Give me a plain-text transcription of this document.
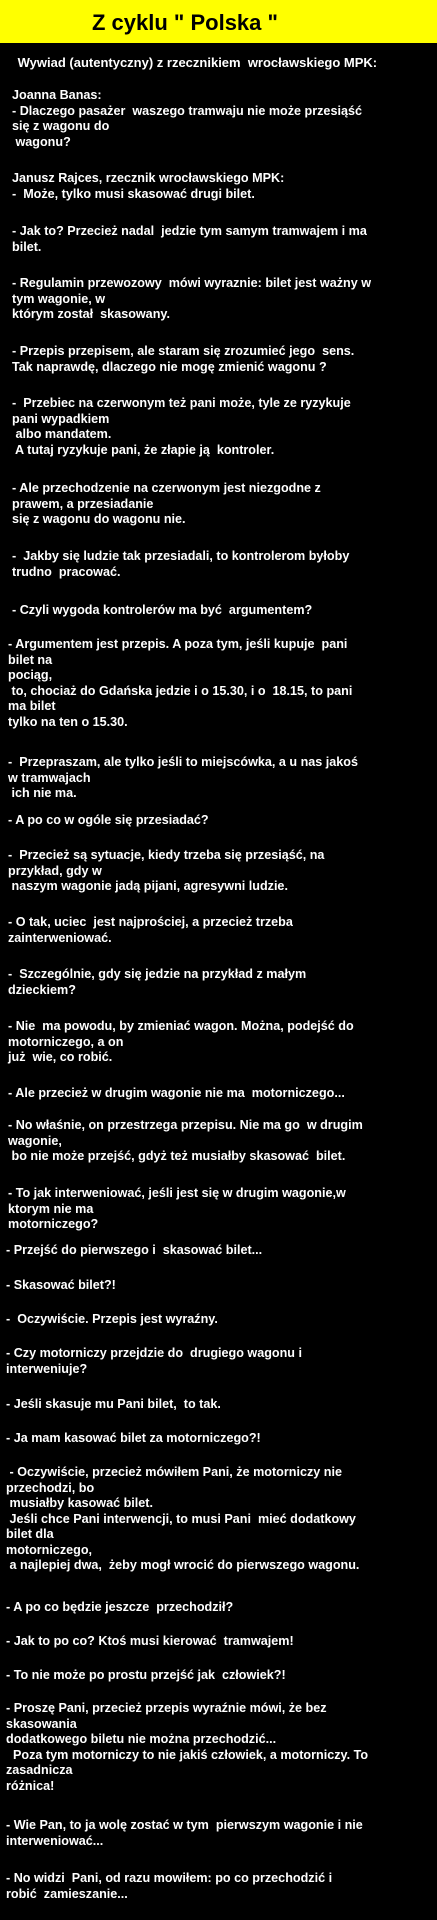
Z cyklu " Polska "
Wywiad (autentyczny) z rzecznikiem  wrocławskiego MPK:
Joanna Banas:
- Dlaczego pasażer  waszego tramwaju nie może przesiąść
się z wagonu do
wagonu?
Janusz Rajces, rzecznik wrocławskiego MPK:
-  Może, tylko musi skasować drugi bilet.
- Jak to? Przecież nadal  jedzie tym samym tramwajem i ma
bilet.
- Regulamin przewozowy  mówi wyraznie: bilet jest ważny w
tym wagonie, w
którym został  skasowany.
- Przepis przepisem, ale staram się zrozumieć jego  sens.
Tak naprawdę, dlaczego nie mogę zmienić wagonu ?
-  Przebiec na czerwonym też pani może, tyle ze ryzykuje
pani wypadkiem
albo mandatem.
A tutaj ryzykuje pani, że złapie ją  kontroler.
- Ale przechodzenie na czerwonym jest niezgodne z
prawem, a przesiadanie
się z wagonu do wagonu nie.
-  Jakby się ludzie tak przesiadali, to kontrolerom byłoby
trudno  pracować.
- Czyli wygoda kontrolerów ma być  argumentem?
- Argumentem jest przepis. A poza tym, jeśli kupuje  pani
bilet na
pociąg,
to, chociaż do Gdańska jedzie i o 15.30, i o  18.15, to pani
ma bilet
tylko na ten o 15.30.
-  Przepraszam, ale tylko jeśli to miejscówka, a u nas jakoś
w tramwajach
ich nie ma.
- A po co w ogóle się przesiadać?
-  Przecież są sytuacje, kiedy trzeba się przesiąść, na
przykład, gdy w
naszym wagonie jadą pijani, agresywni ludzie.
- O tak, uciec  jest najprościej, a przecież trzeba
zainterweniować.
-  Szczególnie, gdy się jedzie na przykład z małym
dzieckiem?
- Nie  ma powodu, by zmieniać wagon. Można, podejść do
motorniczego, a on
już  wie, co robić.
- Ale przecież w drugim wagonie nie ma  motorniczego...
- No właśnie, on przestrzega przepisu. Nie ma go  w drugim
wagonie,
bo nie może przejść, gdyż też musiałby skasować  bilet.
- To jak interweniować, jeśli jest się w drugim wagonie,w
ktorym nie ma
motorniczego?
- Przejść do pierwszego i  skasować bilet...
- Skasować bilet?!
-  Oczywiście. Przepis jest wyraźny.
- Czy motorniczy przejdzie do  drugiego wagonu i
interweniuje?
- Jeśli skasuje mu Pani bilet,  to tak.
- Ja mam kasować bilet za motorniczego?!
- Oczywiście, przecież mówiłem Pani, że motorniczy nie
przechodzi, bo
musiałby kasować bilet.
Jeśli chce Pani interwencji, to musi Pani  mieć dodatkowy
bilet dla
motorniczego,
a najlepiej dwa,  żeby mogł wrocić do pierwszego wagonu.
- A po co będzie jeszcze  przechodził?
- Jak to po co? Ktoś musi kierować  tramwajem!
- To nie może po prostu przejść jak  człowiek?!
- Proszę Pani, przecież przepis wyraźnie mówi, że bez
skasowania
dodatkowego biletu nie można przechodzić...
Poza tym motorniczy to nie jakiś człowiek, a motorniczy. To
zasadnicza
różnica!
- Wie Pan, to ja wolę zostać w tym  pierwszym wagonie i nie
interweniować...
- No widzi  Pani, od razu mowiłem: po co przechodzić i
robić  zamieszanie...
